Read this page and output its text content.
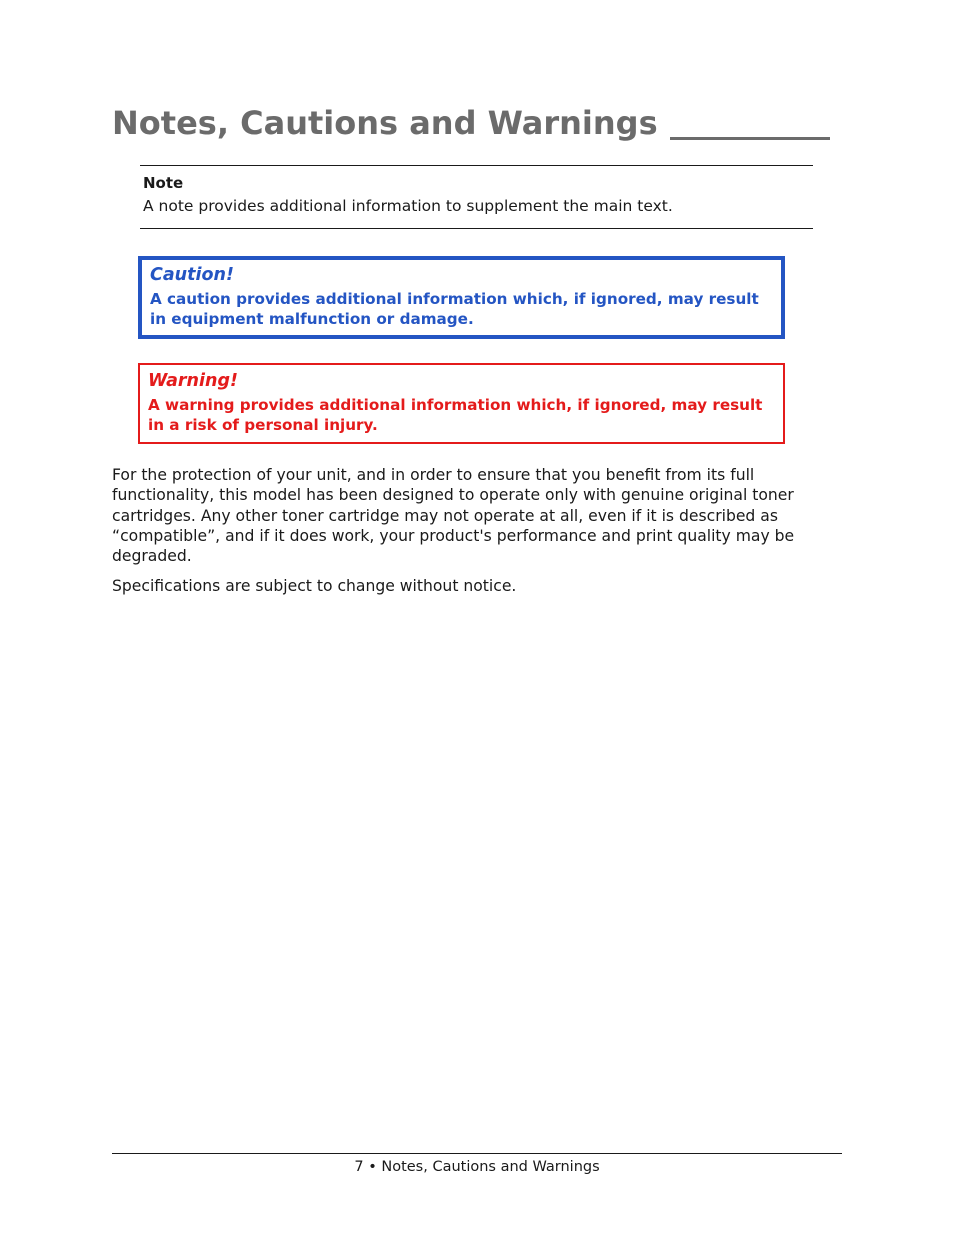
Notes, Cautions and Warnings
Note
A note provides additional information to supplement the main text.
Caution!
A caution provides additional information which, if ignored, may result in equipment malfunction or damage.
Warning!
A warning provides additional information which, if ignored, may result in a risk of personal injury.

For the protection of your unit, and in order to ensure that you benefit from its full functionality, this model has been designed to operate only with genuine original toner cartridges. Any other toner cartridge may not operate at all, even if it is described as “compatible”, and if it does work, your product's performance and print quality may be degraded.

Specifications are subject to change without notice.

7 • Notes, Cautions and Warnings
